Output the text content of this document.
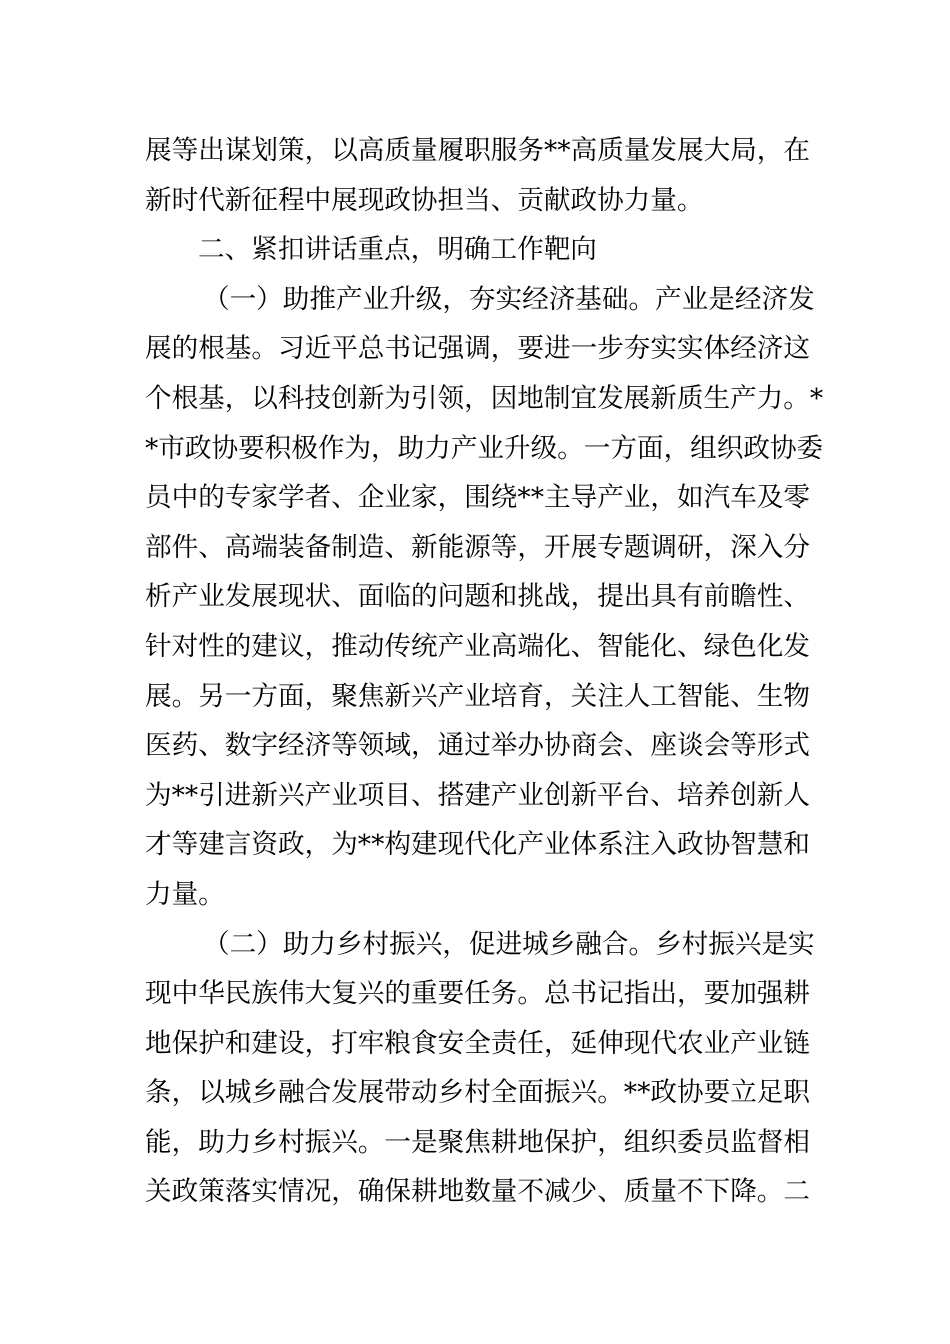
展等出谋划策，以高质量履职服务**高质量发展大局，在
新时代新征程中展现政协担当、贡献政协力量。
二、紧扣讲话重点，明确工作靶向
（一）助推产业升级，夯实经济基础。产业是经济发
展的根基。习近平总书记强调，要进一步夯实实体经济这
个根基，以科技创新为引领，因地制宜发展新质生产力。*
*市政协要积极作为，助力产业升级。一方面，组织政协委
员中的专家学者、企业家，围绕**主导产业，如汽车及零
部件、高端装备制造、新能源等，开展专题调研，深入分
析产业发展现状、面临的问题和挑战，提出具有前瞻性、
针对性的建议，推动传统产业高端化、智能化、绿色化发
展。另一方面，聚焦新兴产业培育，关注人工智能、生物
医药、数字经济等领域，通过举办协商会、座谈会等形式
为**引进新兴产业项目、搭建产业创新平台、培养创新人
才等建言资政，为**构建现代化产业体系注入政协智慧和
力量。
（二）助力乡村振兴，促进城乡融合。乡村振兴是实
现中华民族伟大复兴的重要任务。总书记指出，要加强耕
地保护和建设，打牢粮食安全责任，延伸现代农业产业链
条，以城乡融合发展带动乡村全面振兴。**政协要立足职
能，助力乡村振兴。一是聚焦耕地保护，组织委员监督相
关政策落实情况，确保耕地数量不减少、质量不下降。二
